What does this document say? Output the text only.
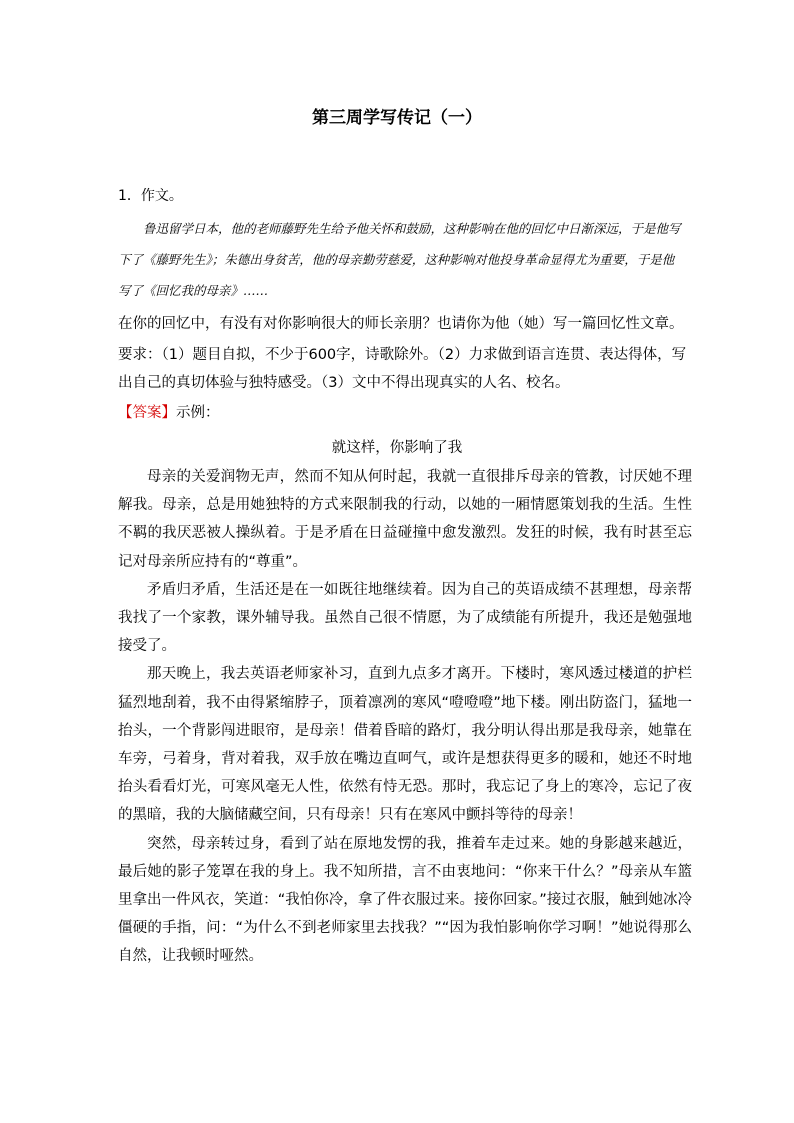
第三周学写传记（一）
1．作文。
鲁迅留学日本，他的老师藤野先生给予他关怀和鼓励，这种影响在他的回忆中日渐深远，于是他写下了《藤野先生》；朱德出身贫苦，他的母亲勤劳慈爱，这种影响对他投身革命显得尤为重要，于是他写了《回忆我的母亲》……
在你的回忆中，有没有对你影响很大的师长亲朋？也请你为他（她）写一篇回忆性文章。
要求：（1）题目自拟，不少于600字，诗歌除外。（2）力求做到语言连贯、表达得体，写出自己的真切体验与独特感受。（3）文中不得出现真实的人名、校名。
【答案】示例：
就这样，你影响了我

母亲的关爱润物无声，然而不知从何时起，我就一直很排斥母亲的管教，讨厌她不理解我。母亲，总是用她独特的方式来限制我的行动，以她的一厢情愿策划我的生活。生性不羁的我厌恶被人操纵着。于是矛盾在日益碰撞中愈发激烈。发狂的时候，我有时甚至忘记对母亲所应持有的“尊重”。

矛盾归矛盾，生活还是在一如既往地继续着。因为自己的英语成绩不甚理想，母亲帮我找了一个家教，课外辅导我。虽然自己很不情愿，为了成绩能有所提升，我还是勉强地接受了。

那天晚上，我去英语老师家补习，直到九点多才离开。下楼时，寒风透过楼道的护栏猛烈地刮着，我不由得紧缩脖子，顶着凛冽的寒风“噔噔噔”地下楼。刚出防盗门，猛地一抬头，一个背影闯进眼帘，是母亲！借着昏暗的路灯，我分明认得出那是我母亲，她靠在车旁，弓着身，背对着我，双手放在嘴边直呵气，或许是想获得更多的暖和，她还不时地抬头看看灯光，可寒风毫无人性，依然有恃无恐。那时，我忘记了身上的寒冷，忘记了夜的黑暗，我的大脑储藏空间，只有母亲！只有在寒风中颤抖等待的母亲！

突然，母亲转过身，看到了站在原地发愣的我，推着车走过来。她的身影越来越近，最后她的影子笼罩在我的身上。我不知所措，言不由衷地问：“你来干什么？”母亲从车篮里拿出一件风衣，笑道：“我怕你冷，拿了件衣服过来。接你回家。”接过衣服，触到她冰冷僵硬的手指，问：“为什么不到老师家里去找我？”“因为我怕影响你学习啊！”她说得那么自然，让我顿时哑然。
